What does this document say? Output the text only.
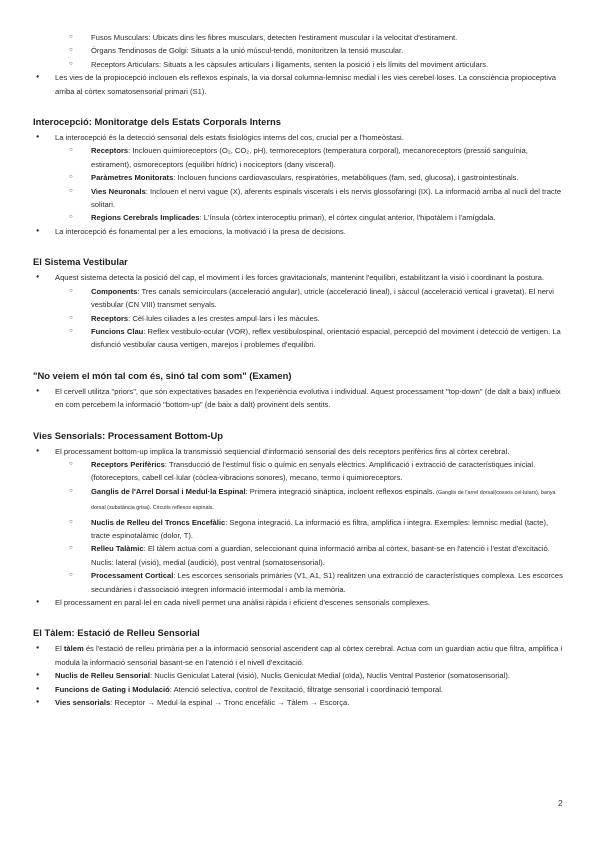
○ Fusos Musculars: Ubicats dins les fibres musculars, detecten l'estirament muscular i la velocitat d'estirament.
○ Òrgans Tendinosos de Golgi: Situats a la unió múscul-tendó, monitoritzen la tensió muscular.
○ Receptors Articulars: Situats a les càpsules articulars i lligaments, senten la posició i els límits del moviment articulars.
● Les vies de la propiocepció inclouen els reflexos espinals, la via dorsal columna-lemnisc medial i les vies cerebel·loses. La consciència propioceptiva arriba al còrtex somatosensorial primari (S1).
Interocepció: Monitoratge dels Estats Corporals Interns
● La interocepció és la detecció sensorial dels estats fisiològics interns del cos, crucial per a l'homeòstasi.
○ Receptors: Inclouen quimioreceptors (O₂, CO₂, pH), termoreceptors (temperatura corporal), mecanoreceptors (pressió sanguínia, estirament), osmoreceptors (equilibri hídric) i nociceptors (dany visceral).
○ Paràmetres Monitorats: Inclouen funcions cardiovasculars, respiratòries, metabòliques (fam, sed, glucosa), i gastrointestinals.
○ Vies Neuronals: Inclouen el nervi vague (X), aferents espinals viscerals i els nervis glossofaringi (IX). La informació arriba al nucli del tracte solitari.
○ Regions Cerebrals Implicades: L'ínsula (còrtex interoceptiu primari), el còrtex cingulat anterior, l'hipotàlem i l'amígdala.
● La interocepció és fonamental per a les emocions, la motivació i la presa de decisions.
El Sistema Vestibular
● Aquest sistema detecta la posició del cap, el moviment i les forces gravitacionals, mantenint l'equilibri, estabilitzant la visió i coordinant la postura.
○ Components: Tres canals semicirculars (acceleració angular), utricle (acceleració lineal), i sàccul (acceleració vertical i gravetat). El nervi vestibular (CN VIII) transmet senyals.
○ Receptors: Cèl·lules ciliades a les crestes ampul·lars i les màcules.
○ Funcions Clau: Reflex vestibulo-ocular (VOR), reflex vestibulospinal, orientació espacial, percepció del moviment i detecció de vertigen. La disfunció vestibular causa vertigen, marejos i problemes d'equilibri.
"No veiem el món tal com és, sinó tal com som" (Examen)
● El cervell utilitza "priors", que són expectatives basades en l'experiència evolutiva i individual. Aquest processament "top-down" (de dalt a baix) influeix en com percebem la informació "bottom-up" (de baix a dalt) provinent dels sentits.
Vies Sensorials: Processament Bottom-Up
● El processament bottom-up implica la transmissió seqüencial d'informació sensorial des dels receptors perifèrics fins al còrtex cerebral.
○ Receptors Perifèrics: Transducció de l'estímul físic o químic en senyals elèctrics. Amplificació i extracció de característiques inicial. (fotoreceptors, cabell cel·lular (còclea-vibracions sonores), mecano, termo i quimioreceptors.
○ Ganglis de l'Arrel Dorsal i Medul·la Espinal: Primera integració sinàptica, incloent reflexos espinals. (Ganglis de l'arrel dorsal(cossos cel·lulars), banya dorsal (substància grisa). Circuits reflexos espinals.
○ Nuclis de Relleu del Troncs Encefàlic: Segona integració. La informació es filtra, amplifica i integra. Exemples: lemnisc medial (tacte), tracte espinotalàmic (dolor, T).
○ Relleu Talàmic: El tàlem actua com a guardian, seleccionant quina informació arriba al còrtex, basant-se en l'atenció i l'estat d'excitació. Nuclis: lateral (visió), medial (audició), post ventral (somatosensorial).
○ Processament Cortical: Les escorces sensorials primàries (V1, A1, S1) realitzen una extracció de característiques complexa. Les escorces secundàries i d'associació integren informació intermodal i amb la memòria.
● El processament en paral·lel en cada nivell permet una anàlisi ràpida i eficient d'escenes sensorials complexes.
El Tàlem: Estació de Relleu Sensorial
● El tàlem és l'estació de relleu primària per a la informació sensorial ascendent cap al còrtex cerebral. Actua com un guardian actiu que filtra, amplifica i modula la informació sensorial basant-se en l'atenció i el nivell d'excitació.
● Nuclis de Relleu Sensorial: Nuclis Geniculat Lateral (visió), Nuclis Geniculat Medial (oïda), Nuclis Ventral Posterior (somatosensorial).
● Funcions de Gating i Modulació: Atenció selectiva, control de l'excitació, filtratge sensorial i coordinació temporal.
● Vies sensorials: Receptor → Medul·la espinal → Tronc encefàlic → Tàlem → Escorça.
2
